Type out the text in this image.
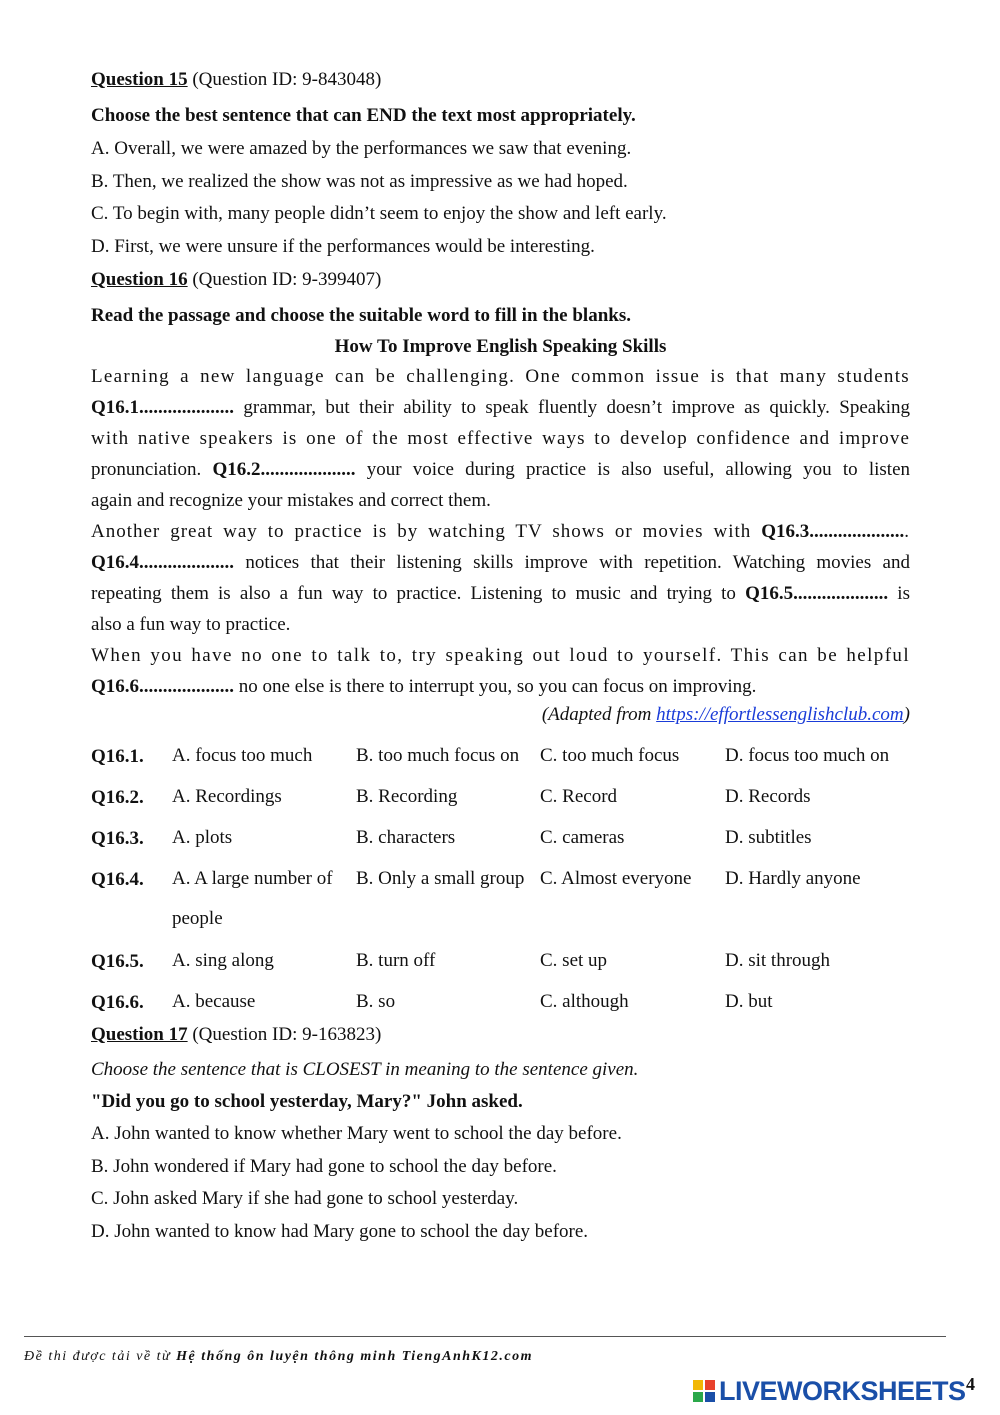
Question 15 (Question ID: 9-843048)
Choose the best sentence that can END the text most appropriately.
A. Overall, we were amazed by the performances we saw that evening.
B. Then, we realized the show was not as impressive as we had hoped.
C. To begin with, many people didn’t seem to enjoy the show and left early.
D. First, we were unsure if the performances would be interesting.
Question 16 (Question ID: 9-399407)
Read the passage and choose the suitable word to fill in the blanks.
How To Improve English Speaking Skills
Learning a new language can be challenging. One common issue is that many students
Q16.1.................... grammar, but their ability to speak fluently doesn’t improve as quickly. Speaking
with native speakers is one of the most effective ways to develop confidence and improve
pronunciation. Q16.2.................... your voice during practice is also useful, allowing you to listen
again and recognize your mistakes and correct them.
Another great way to practice is by watching TV shows or movies with Q16.3.....................
Q16.4.................... notices that their listening skills improve with repetition. Watching movies and
repeating them is also a fun way to practice. Listening to music and trying to Q16.5.................... is
also a fun way to practice.
When you have no one to talk to, try speaking out loud to yourself. This can be helpful
Q16.6.................... no one else is there to interrupt you, so you can focus on improving.
(Adapted from https://effortlessenglishclub.com)
Q16.1. A. focus too much B. too much focus on C. too much focus D. focus too much on
Q16.2. A. Recordings	B. Recording	C. Record	D. Records
Q16.3. A. plots	B. characters	C. cameras	D. subtitles
Q16.4. A. A large number of
people
B. Only a small group C. Almost everyone D. Hardly anyone
Q16.5. A. sing along	B. turn off	C. set up	D. sit through
Q16.6. A. because	B. so	C. although	D. but
Question 17 (Question ID: 9-163823)
Choose the sentence that is CLOSEST in meaning to the sentence given.
"Did you go to school yesterday, Mary?" John asked.
A. John wanted to know whether Mary went to school the day before.
B. John wondered if Mary had gone to school the day before.
C. John asked Mary if she had gone to school yesterday.
D. John wanted to know had Mary gone to school the day before.
Đề thi được tải về từ Hệ thống ôn luyện thông minh TiengAnhK12.com
LIVEWORKSHEETS 4
